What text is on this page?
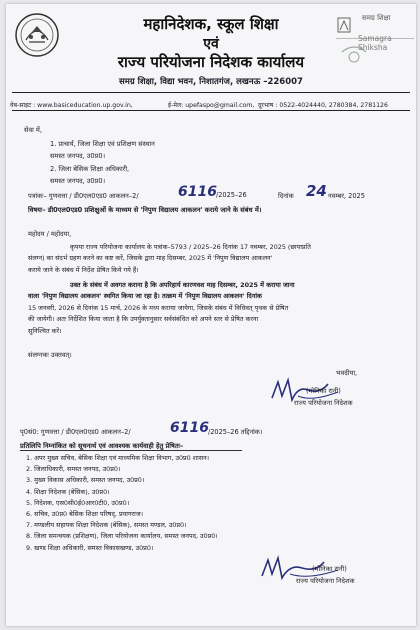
समग्र शिक्षा
Samagra Shiksha
महानिदेशक, स्कूल शिक्षा
एवं
राज्य परियोजना निदेशक कार्यालय
समग्र शिक्षा, विद्या भवन, निशातगंज, लखनऊ –226007
वेब-साइट : www.basiceducation.up.gov.in,	ई-मेल: upefaspo@gmail.com, दूरभाष : 0522-4024440, 2780384, 2781126
सेवा में,
1. प्राचार्य, जिला शिक्षा एवं प्रशिक्षण संस्थान
समस्त जनपद, उ0प्र0।
2. जिला बेसिक शिक्षा अधिकारी,
समस्त जनपद, उ0प्र0।
पत्रांकः– गुणवत्ता / डी0एल0एड0 आकलन–2/	6116 /2025–26	दिनांक 24 नवम्बर, 2025
विषयः– डी0एल0एड0 प्रशिक्षुओं के माध्यम से 'निपुण विद्यालय आकलन' कराये जाने के संबंध में।
महोदय / महोदया,
कृपया राज्य परियोजना कार्यालय के पत्रांक–5793 / 2025–26 दिनांक 17 नवम्बर, 2025 (छायाप्रति
संलग्न) का संदर्भ ग्रहण करने का कष्ट करें, जिसके द्वारा माह दिसम्बर, 2025 में 'निपुण विद्यालय आकलन'
कराये जाने के संबंध में निर्देश प्रेषित किये गये हैं।
उक्त के संबंध में अवगत कराना है कि अपरिहार्य कारणवश माह दिसम्बर, 2025 में कराया जाना
वाला 'निपुण विद्यालय आकलन' स्थगित किया जा रहा है। तत्क्रम में 'निपुण विद्यालय आकलन' दिनांक
15 जनवरी, 2026 से दिनांक 15 मार्च, 2026 के मध्य कराया जायेगा, जिसके संबंध में विधिवत् पृथक से प्रेषित
की जायेगी। अतः निर्देशित किया जाता है कि उपर्युक्तानुसार सर्वसंबंधित को अपने स्तर से प्रेषित करना
सुनिश्चित करें।
संलग्नकः उक्तवत्।
भवदीया,
(मोनिका रानी)
राज्य परियोजना निदेशक
पृ0सं0: गुणवत्ता / डी0एल0एड0 आकलन–2/	6116 /2025–26 तद्दिनांक।
प्रतिलिपि निम्नांकित को सूचनार्थ एवं आवश्यक कार्यवाही हेतु प्रेषितः–
1. अपर मुख्य सचिव, बेसिक शिक्षा एवं माध्यमिक शिक्षा विभाग, उ0प्र0 शासन।
2. जिलाधिकारी, समस्त जनपद, उ0प्र0।
3. मुख्य विकास अधिकारी, समस्त जनपद, उ0प्र0।
4. शिक्षा निदेशक (बेसिक), उ0प्र0।
5. निदेशक, एस0सी0ई0आर0टी0, उ0प्र0।
6. सचिव, उ0प्र0 बेसिक शिक्षा परिषद्, प्रयागराज।
7. मण्डलीय सहायक शिक्षा निदेशक (बेसिक), समस्त मण्डल, उ0प्र0।
8. जिला समन्वयक (प्रशिक्षण), जिला परियोजना कार्यालय, समस्त जनपद, उ0प्र0।
9. खण्ड शिक्षा अधिकारी, समस्त विकासखण्ड, उ0प्र0।
(मोनिका रानी)
राज्य परियोजना निदेशक
